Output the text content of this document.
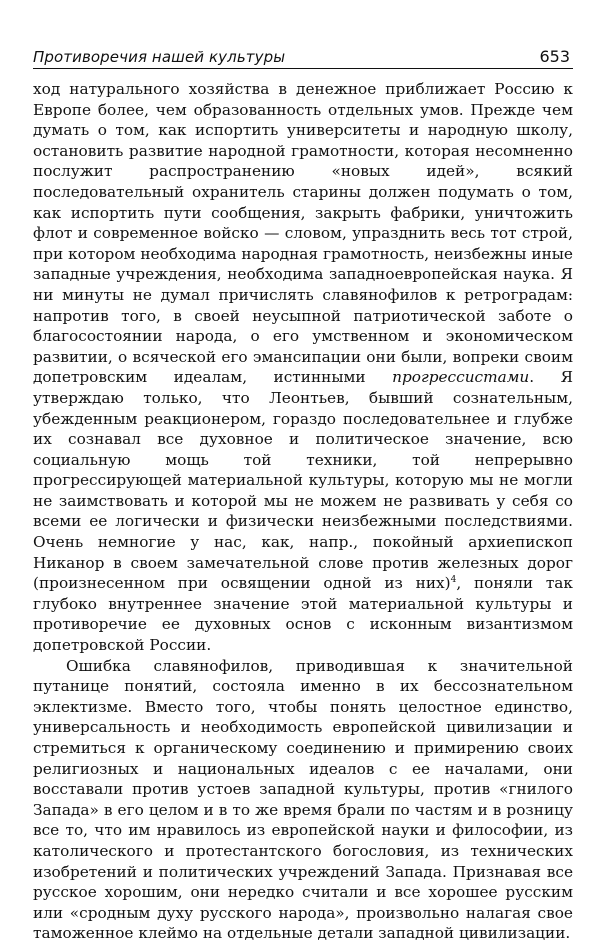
Противоречия нашей культуры	653

ход натурального хозяйства в денежное приближает Россию к Европе более, чем образованность отдельных умов. Прежде чем думать о том, как испортить университеты и народную школу, остановить развитие народной грамотности, которая несомненно послужит распространению «новых идей», всякий последовательный охранитель старины должен подумать о том, как испортить пути сообщения, закрыть фабрики, уничтожить флот и современное войско — словом, упразднить весь тот строй, при котором необходима народная грамотность, неизбежны иные западные учреждения, необходима западноевропейская наука. Я ни минуты не думал причислять славянофилов к ретроградам: напротив того, в своей неусыпной патриотической заботе о благосостоянии народа, о его умственном и экономическом развитии, о всяческой его эмансипации они были, вопреки своим допетровским идеалам, истинными прогрессистами. Я утверждаю только, что Леонтьев, бывший сознательным, убежденным реакционером, гораздо последовательнее и глубже их сознавал все духовное и политическое значение, всю социальную мощь той техники, той непрерывно прогрессирующей материальной культуры, которую мы не могли не заимствовать и которой мы не можем не развивать у себя со всеми ее логически и физически неизбежными последствиями. Очень немногие у нас, как, напр., покойный архиепископ Никанор в своем замечательной слове против железных дорог (произнесенном при освящении одной из них)$^4$, поняли так глубоко внутреннее значение этой материальной культуры и противоречие ее духовных основ с исконным византизмом допетровской России.

Ошибка славянофилов, приводившая к значительной путанице понятий, состояла именно в их бессознательном эклектизме. Вместо того, чтобы понять целостное единство, универсальность и необходимость европейской цивилизации и стремиться к органическому соединению и примирению своих религиозных и национальных идеалов с ее началами, они восставали против устоев западной культуры, против «гнилого Запада» в его целом и в то же время брали по частям и в розницу все то, что им нравилось из европейской науки и философии, из католического и протестантского богословия, из технических изобретений и политических учреждений Запада. Признавая все русское хорошим, они нередко считали и все хорошее русским или «сродным духу русского народа», произвольно налагая свое таможенное клеймо на отдельные детали западной цивилизации.
